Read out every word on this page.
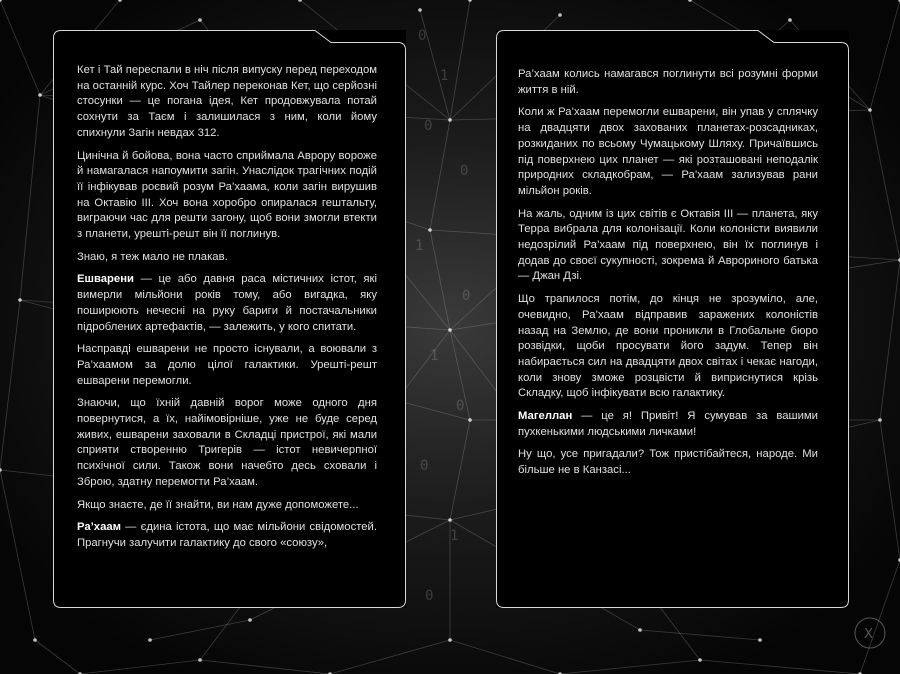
0
1
0
0
1
0
1
0
0
1
0
X

Кет і Тай переспали в ніч після випуску перед переходом на останній курс. Хоч Тайлер переконав Кет, що серйозні стосунки — це погана ідея, Кет продовжувала потай сохнути за Таєм і залишилася з ним, коли йому спихнули Загін невдах 312.

Цинічна й бойова, вона часто сприймала Аврору вороже й намагалася напоумити загін. Унаслідок трагічних подій її інфікував роєвий розум Ра’хаама, коли загін вирушив на Октавію III. Хоч вона хоробро опиралася гештальту, виграючи час для решти загону, щоб вони змогли втекти з планети, урешті-решт він її поглинув.

Знаю, я теж мало не плакав.

Ешварени — це або давня раса містичних істот, які вимерли мільйони років тому, або вигадка, яку поширюють нечесні на руку бариги й постачальники підроблених артефактів, — залежить, у кого спитати.

Насправді ешварени не просто існували, а воювали з Ра’хаамом за долю цілої галактики. Урешті-решт ешварени перемогли.

Знаючи, що їхній давній ворог може одного дня повернутися, а їх, найімовірніше, уже не буде серед живих, ешварени заховали в Складці пристрої, які мали сприяти створенню Тригерів — істот невичерпної психічної сили. Також вони начебто десь сховали і Зброю, здатну перемогти Ра’хаам.

Якщо знаєте, де її знайти, ви нам дуже допоможете...

Ра’хаам — єдина істота, що має мільйони свідомостей. Прагнучи залучити галактику до свого «союзу»,

Ра’хаам колись намагався поглинути всі розумні форми життя в ній.

Коли ж Ра’хаам перемогли ешварени, він упав у сплячку на двадцяти двох захованих планетах-розсадниках, розкиданих по всьому Чумацькому Шляху. Причаївшись під поверхнею цих планет — які розташовані неподалік природних складкобрам, — Ра’хаам зализував рани мільйон років.

На жаль, одним із цих світів є Октавія III — планета, яку Терра вибрала для колонізації. Коли колоністи виявили недозрілий Ра’хаам під поверхнею, він їх поглинув і додав до своєї сукупності, зокрема й Аврориного батька — Джан Дзі.

Що трапилося потім, до кінця не зрозуміло, але, очевидно, Ра’хаам відправив заражених колоністів назад на Землю, де вони проникли в Глобальне бюро розвідки, щоби просувати його задум. Тепер він набирається сил на двадцяти двох світах і чекає нагоди, коли знову зможе розцвісти й виприснутися крізь Складку, щоб інфікувати всю галактику.

Магеллан — це я! Привіт! Я сумував за вашими пухкенькими людськими личками!

Ну що, усе пригадали? Тож пристібайтеся, народе. Ми більше не в Канзасі...
